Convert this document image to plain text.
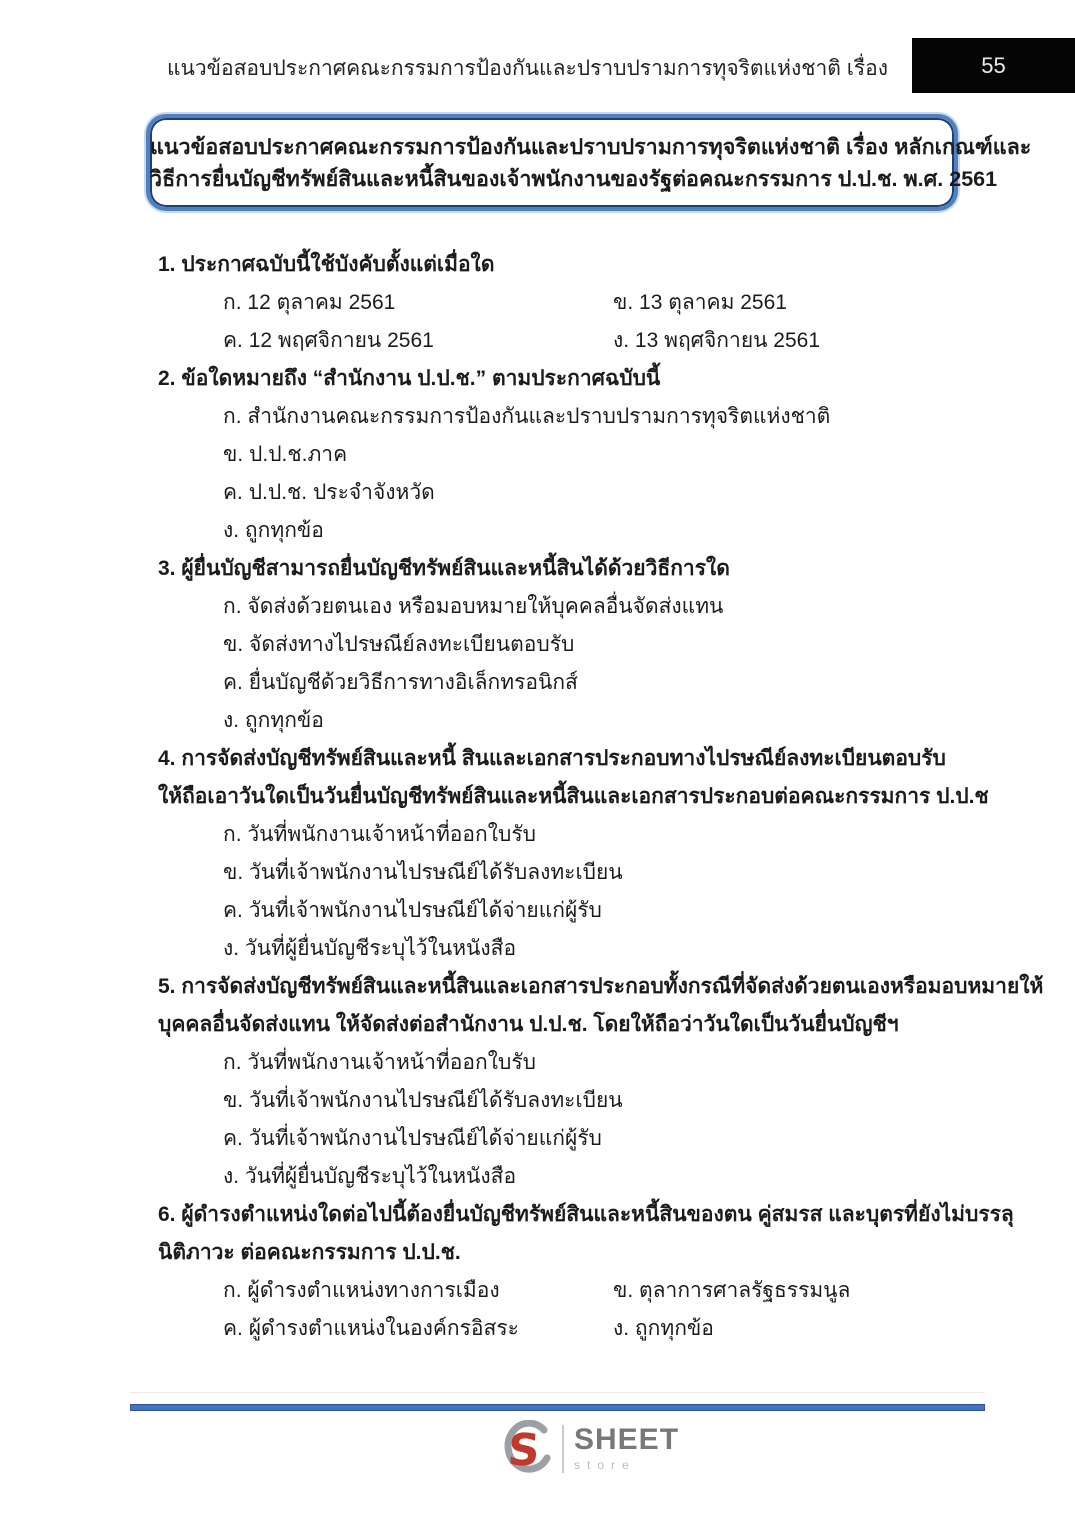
แนวข้อสอบประกาศคณะกรรมการป้องกันและปราบปรามการทุจริตแห่งชาติ เรื่อง	55
แนวข้อสอบประกาศคณะกรรมการป้องกันและปราบปรามการทุจริตแห่งชาติ เรื่อง หลักเกณฑ์และ
วิธีการยื่นบัญชีทรัพย์สินและหนี้สินของเจ้าพนักงานของรัฐต่อคณะกรรมการ ป.ป.ช. พ.ศ. 2561
1. ประกาศฉบับนี้ใช้บังคับตั้งแต่เมื่อใด
ก. 12 ตุลาคม 2561	ข. 13 ตุลาคม 2561
ค. 12 พฤศจิกายน 2561	ง. 13 พฤศจิกายน 2561
2. ข้อใดหมายถึง “สำนักงาน ป.ป.ช.” ตามประกาศฉบับนี้
ก. สำนักงานคณะกรรมการป้องกันและปราบปรามการทุจริตแห่งชาติ
ข. ป.ป.ช.ภาค
ค. ป.ป.ช. ประจำจังหวัด
ง. ถูกทุกข้อ
3. ผู้ยื่นบัญชีสามารถยื่นบัญชีทรัพย์สินและหนี้สินได้ด้วยวิธีการใด
ก. จัดส่งด้วยตนเอง หรือมอบหมายให้บุคคลอื่นจัดส่งแทน
ข. จัดส่งทางไปรษณีย์ลงทะเบียนตอบรับ
ค. ยื่นบัญชีด้วยวิธีการทางอิเล็กทรอนิกส์
ง. ถูกทุกข้อ
4. การจัดส่งบัญชีทรัพย์สินและหนี้ สินและเอกสารประกอบทางไปรษณีย์ลงทะเบียนตอบรับ
ให้ถือเอาวันใดเป็นวันยื่นบัญชีทรัพย์สินและหนี้สินและเอกสารประกอบต่อคณะกรรมการ ป.ป.ช
ก. วันที่พนักงานเจ้าหน้าที่ออกใบรับ
ข. วันที่เจ้าพนักงานไปรษณีย์ได้รับลงทะเบียน
ค. วันที่เจ้าพนักงานไปรษณีย์ได้จ่ายแก่ผู้รับ
ง. วันที่ผู้ยื่นบัญชีระบุไว้ในหนังสือ
5. การจัดส่งบัญชีทรัพย์สินและหนี้สินและเอกสารประกอบทั้งกรณีที่จัดส่งด้วยตนเองหรือมอบหมายให้
บุคคลอื่นจัดส่งแทน ให้จัดส่งต่อสำนักงาน ป.ป.ช. โดยให้ถือว่าวันใดเป็นวันยื่นบัญชีฯ
ก. วันที่พนักงานเจ้าหน้าที่ออกใบรับ
ข. วันที่เจ้าพนักงานไปรษณีย์ได้รับลงทะเบียน
ค. วันที่เจ้าพนักงานไปรษณีย์ได้จ่ายแก่ผู้รับ
ง. วันที่ผู้ยื่นบัญชีระบุไว้ในหนังสือ
6. ผู้ดำรงตำแหน่งใดต่อไปนี้ต้องยื่นบัญชีทรัพย์สินและหนี้สินของตน คู่สมรส และบุตรที่ยังไม่บรรลุ
นิติภาวะ ต่อคณะกรรมการ ป.ป.ช.
ก. ผู้ดำรงตำแหน่งทางการเมือง	ข. ตุลาการศาลรัฐธรรมนูล
ค. ผู้ดำรงตำแหน่งในองค์กรอิสระ	ง. ถูกทุกข้อ
S SHEET
store
